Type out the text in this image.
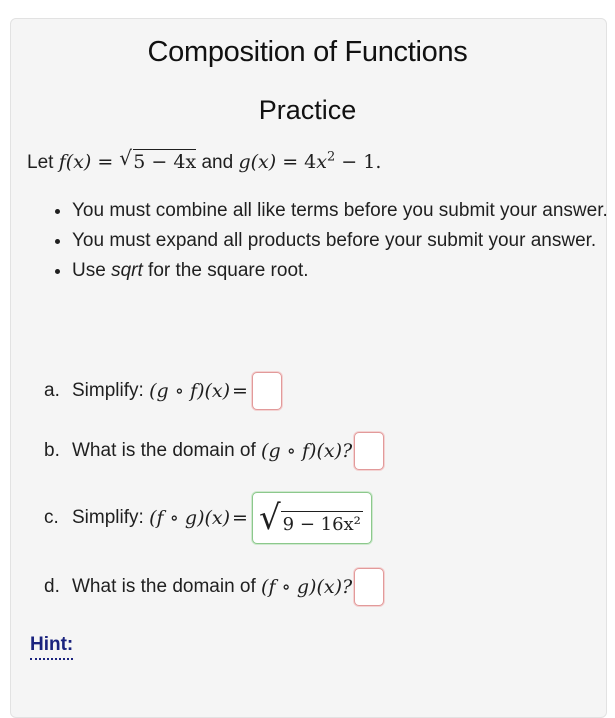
Composition of Functions
Practice
Let f(x) = √ 5 − 4x and $g(x) = 4x^2 - 1$.
• You must combine all like terms before you submit your answer.
• You must expand all products before your submit your answer.
• Use sqrt for the square root.
a. Simplify:
(g ∘ f)(x) =
b. What is the domain of
(g ∘ f)(x)?
c. Simplify:
(f ∘ g)(x) = √ 9 − 16x²
d. What is the domain of
(f ∘ g)(x)?
Hint:
